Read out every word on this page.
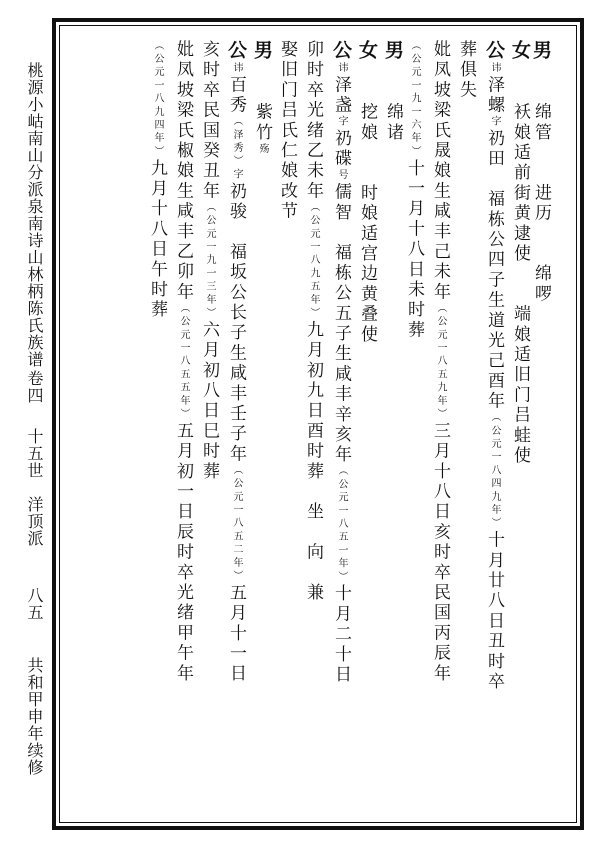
桃源小岵南山分派泉南诗山林柄陈氏族谱
卷四
十五世　洋顶派
八五
共和甲申年续修
男　　绵管　　进历　　绵啰
女　　袄娘适前街黄逮使　　端娘适旧门吕蛙使
公讳泽螺字礽田　福栋公四子生道光己酉年（公元一八四九年）十月廿八日丑时卒
葬俱失
妣凤坡梁氏晟娘生咸丰己未年（公元一八五九年）三月十八日亥时卒民国丙辰年
（公元一九一六年）十一月十八日未时葬
男　　绵诸
女　　挖娘　　时娘适宫边黄叠使
公讳泽盏字礽碟号儒智　福栋公五子生咸丰辛亥年（公元一八五一年）十月二十日
卯时卒光绪乙未年（公元一八九五年）九月初九日酉时葬　坐　向　兼
娶旧门吕氏仁娘改节
男　　紫竹殇
公讳百秀（泽秀）字礽骏　福坂公长子生咸丰壬子年（公元一八五二年）五月十一日
亥时卒民国癸丑年（公元一九一三年）六月初八日巳时葬
妣凤坡梁氏椒娘生咸丰乙卯年（公元一八五五年）五月初一日辰时卒光绪甲午年
（公元一八九四年）九月十八日午时葬
